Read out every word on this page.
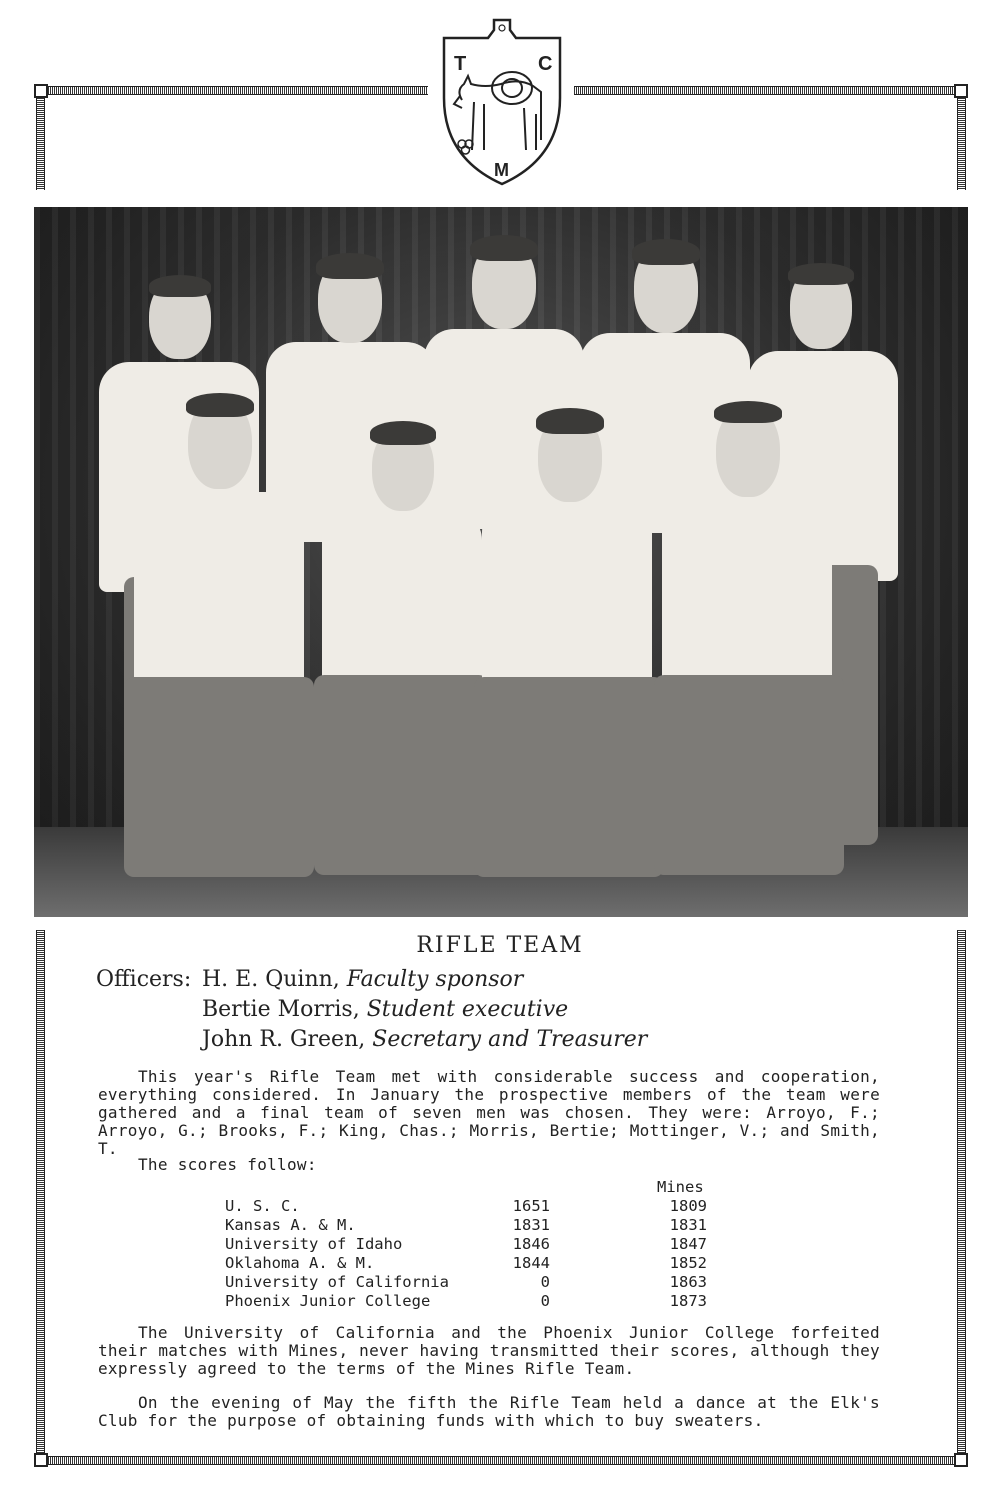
T	C
M
RIFLE TEAM
Officers: H. E. Quinn, Faculty sponsor
Bertie Morris, Student executive
John R. Green, Secretary and Treasurer

This year's Rifle Team met with considerable success and cooperation, everything considered. In January the prospective members of the team were gathered and a final team of seven men was chosen. They were: Arroyo, F.; Arroyo, G.; Brooks, F.; King, Chas.; Morris, Bertie; Mottinger, V.; and Smith, T.

The scores follow:

Mines
U. S. C.	1651	1809
Kansas A. & M.	1831	1831
University of Idaho	1846	1847
Oklahoma A. & M.	1844	1852
University of California	0	1863
Phoenix Junior College	0	1873

The University of California and the Phoenix Junior College forfeited their matches with Mines, never having transmitted their scores, although they expressly agreed to the terms of the Mines Rifle Team.

On the evening of May the fifth the Rifle Team held a dance at the Elk's Club for the purpose of obtaining funds with which to buy sweaters.
